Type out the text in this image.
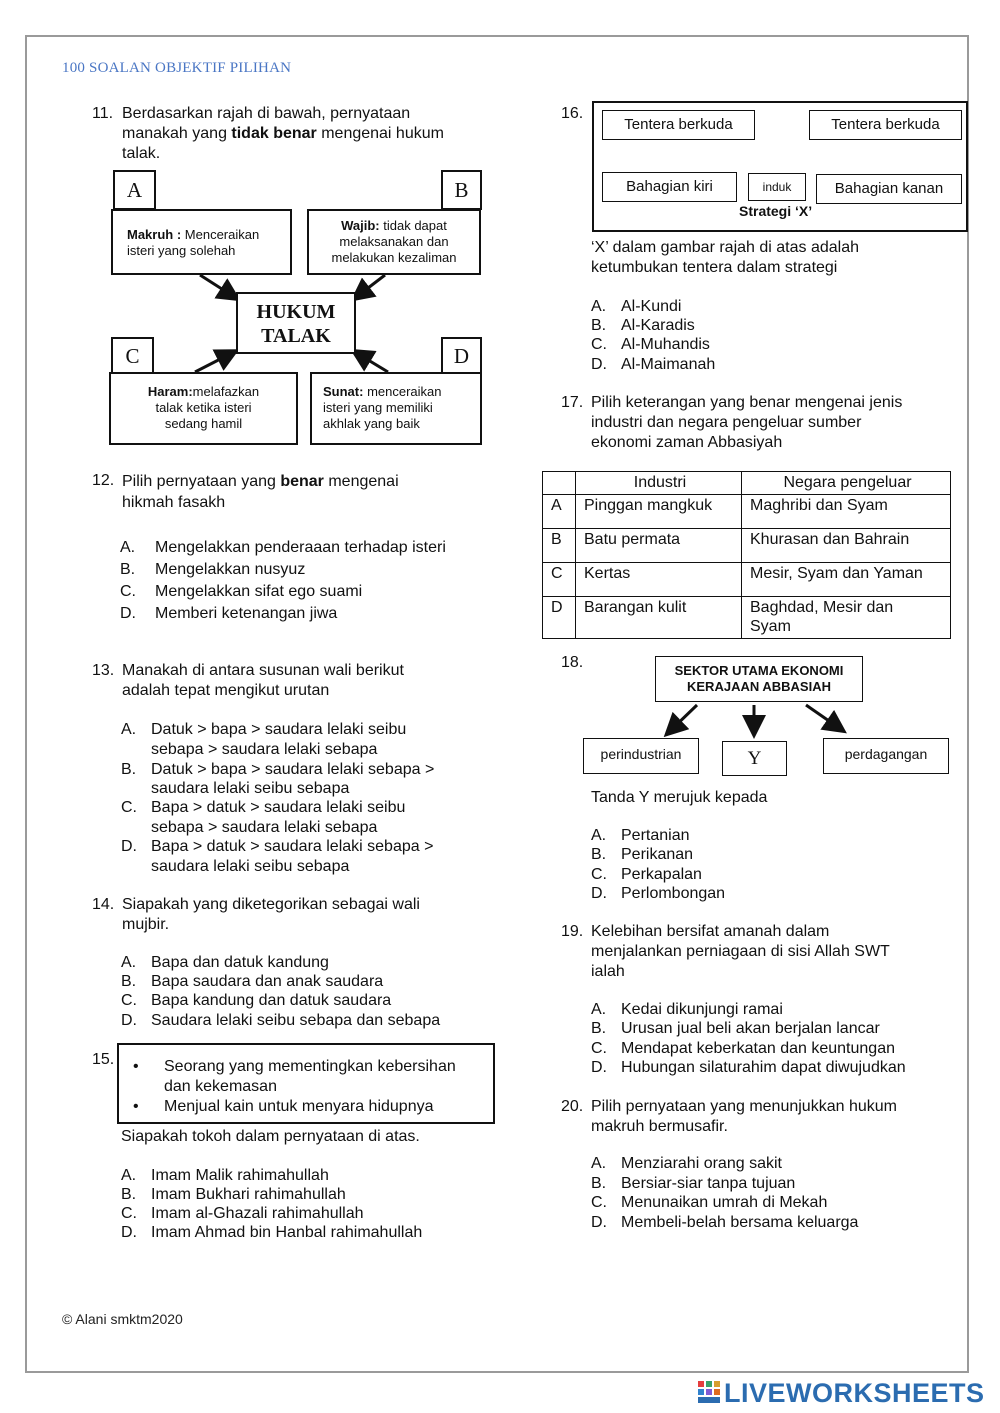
100 SOALAN OBJEKTIF PILIHAN
11. Berdasarkan rajah di bawah, pernyataan
manakah yang tidak benar mengenai hukum
talak.
A	B
Makruh : Menceraikan
isteri yang solehah
Wajib: tidak dapat
melaksanakan dan
melakukan kezaliman
HUKUM
TALAK
C	D
Haram:melafazkan
talak ketika isteri
sedang hamil
Sunat: menceraikan
isteri yang memiliki
akhlak yang baik
12. Pilih pernyataan yang benar mengenai
hikmah fasakh
A. Mengelakkan penderaaan terhadap isteri
B. Mengelakkan nusyuz
C. Mengelakkan sifat ego suami
D. Memberi ketenangan jiwa
13. Manakah di antara susunan wali berikut
adalah tepat mengikut urutan
A. Datuk > bapa > saudara lelaki seibu
sebapa > saudara lelaki sebapa
B. Datuk > bapa > saudara lelaki sebapa >
saudara lelaki seibu sebapa
C. Bapa > datuk > saudara lelaki seibu
sebapa > saudara lelaki sebapa
D. Bapa > datuk > saudara lelaki sebapa >
saudara lelaki seibu sebapa
14. Siapakah yang diketegorikan sebagai wali
mujbir.
A. Bapa dan datuk kandung
B. Bapa saudara dan anak saudara
C. Bapa kandung dan datuk saudara
D. Saudara lelaki seibu sebapa dan sebapa
15. • Seorang yang mementingkan kebersihan
dan kekemasan
• Menjual kain untuk menyara hidupnya
Siapakah tokoh dalam pernyataan di atas.
A. Imam Malik rahimahullah
B. Imam Bukhari rahimahullah
C. Imam al-Ghazali rahimahullah
D. Imam Ahmad bin Hanbal rahimahullah
16.
Tentera berkuda	Tentera berkuda
Bahagian kiri	induk	Bahagian kanan
Strategi ‘X’
‘X’ dalam gambar rajah di atas adalah
ketumbukan tentera dalam strategi
A. Al-Kundi
B. Al-Karadis
C. Al-Muhandis
D. Al-Maimanah
17. Pilih keterangan yang benar mengenai jenis
industri dan negara pengeluar sumber
ekonomi zaman Abbasiyah
	Industri	Negara pengeluar
A	Pinggan mangkuk	Maghribi dan Syam
B	Batu permata	Khurasan dan Bahrain
C	Kertas	Mesir, Syam dan Yaman
D	Barangan kulit	Baghdad, Mesir dan Syam
18.	SEKTOR UTAMA EKONOMI
KERAJAAN ABBASIAH
perindustrian	Y	perdagangan
Tanda Y merujuk kepada
A. Pertanian
B. Perikanan
C. Perkapalan
D. Perlombongan
19. Kelebihan bersifat amanah dalam
menjalankan perniagaan di sisi Allah SWT
ialah
A. Kedai dikunjungi ramai
B. Urusan jual beli akan berjalan lancar
C. Mendapat keberkatan dan keuntungan
D. Hubungan silaturahim dapat diwujudkan
20. Pilih pernyataan yang menunjukkan hukum
makruh bermusafir.
A. Menziarahi orang sakit
B. Bersiar-siar tanpa tujuan
C. Menunaikan umrah di Mekah
D. Membeli-belah bersama keluarga
© Alani smktm2020
LIVEWORKSHEETS
